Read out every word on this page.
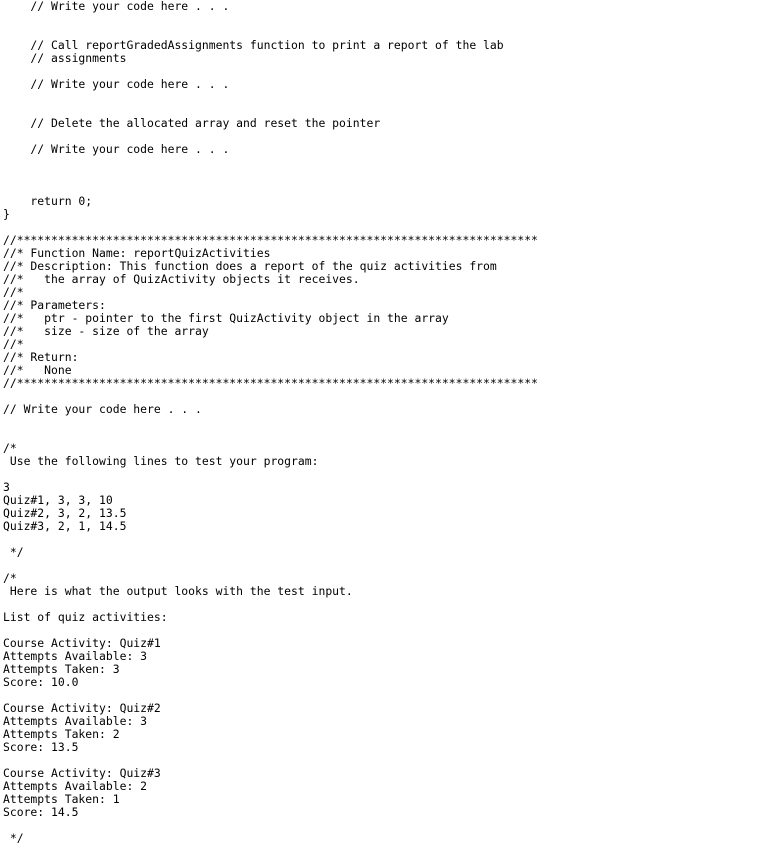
// Write your code here . . .
// Call reportGradedAssignments function to print a report of the lab
// assignments
// Write your code here . . .
// Delete the allocated array and reset the pointer
// Write your code here . . .
return 0;
}
//****************************************************************************
//* Function Name: reportQuizActivities
//* Description: This function does a report of the quiz activities from
//*   the array of QuizActivity objects it receives.
//*
//* Parameters:
//*   ptr - pointer to the first QuizActivity object in the array
//*   size - size of the array
//*
//* Return:
//*   None
//****************************************************************************
// Write your code here . . .
/*
Use the following lines to test your program:
3
Quiz#1, 3, 3, 10
Quiz#2, 3, 2, 13.5
Quiz#3, 2, 1, 14.5
*/
/*
Here is what the output looks with the test input.
List of quiz activities:
Course Activity: Quiz#1
Attempts Available: 3
Attempts Taken: 3
Score: 10.0
Course Activity: Quiz#2
Attempts Available: 3
Attempts Taken: 2
Score: 13.5
Course Activity: Quiz#3
Attempts Available: 2
Attempts Taken: 1
Score: 14.5
*/
